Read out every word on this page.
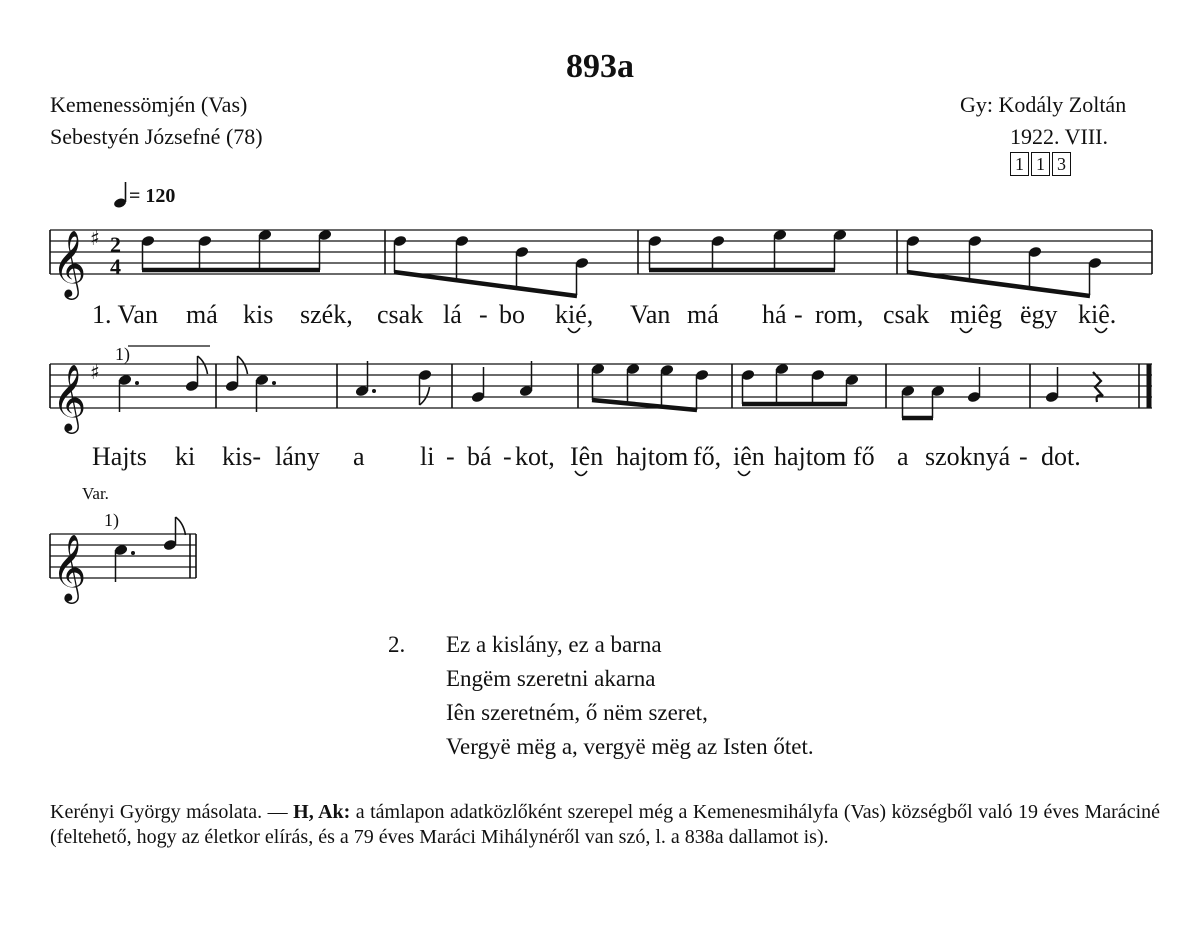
893a
Kemenessömjén (Vas)
Sebestyén Józsefné (78)
Gy: Kodály Zoltán
1922. VIII.
1 1 3
= 120
𝄞 ♯ 2
4
1. Van má kis szék, csak lá - bo kié, Van má há - rom, csak miêg ëgy kiê.
𝄞 ♯
1)
Hajts ki kis- lány a li - bá - kot, Iên hajtom fő, iên hajtom fő a szoknyá - dot.
Var.
1)
𝄞
2. Ez a kislány, ez a barna
Engëm szeretni akarna
Iên szeretném, ő nëm szeret,
Vergyë mëg a, vergyë mëg az Isten őtet.
Kerényi György másolata. — H, Ak: a támlapon adatközlőként szerepel még a Kemenesmihályfa (Vas) községből való 19 éves Maráciné (feltehető, hogy az életkor elírás, és a 79 éves Maráci Mihálynéről van szó, l. a 838a dallamot is).
